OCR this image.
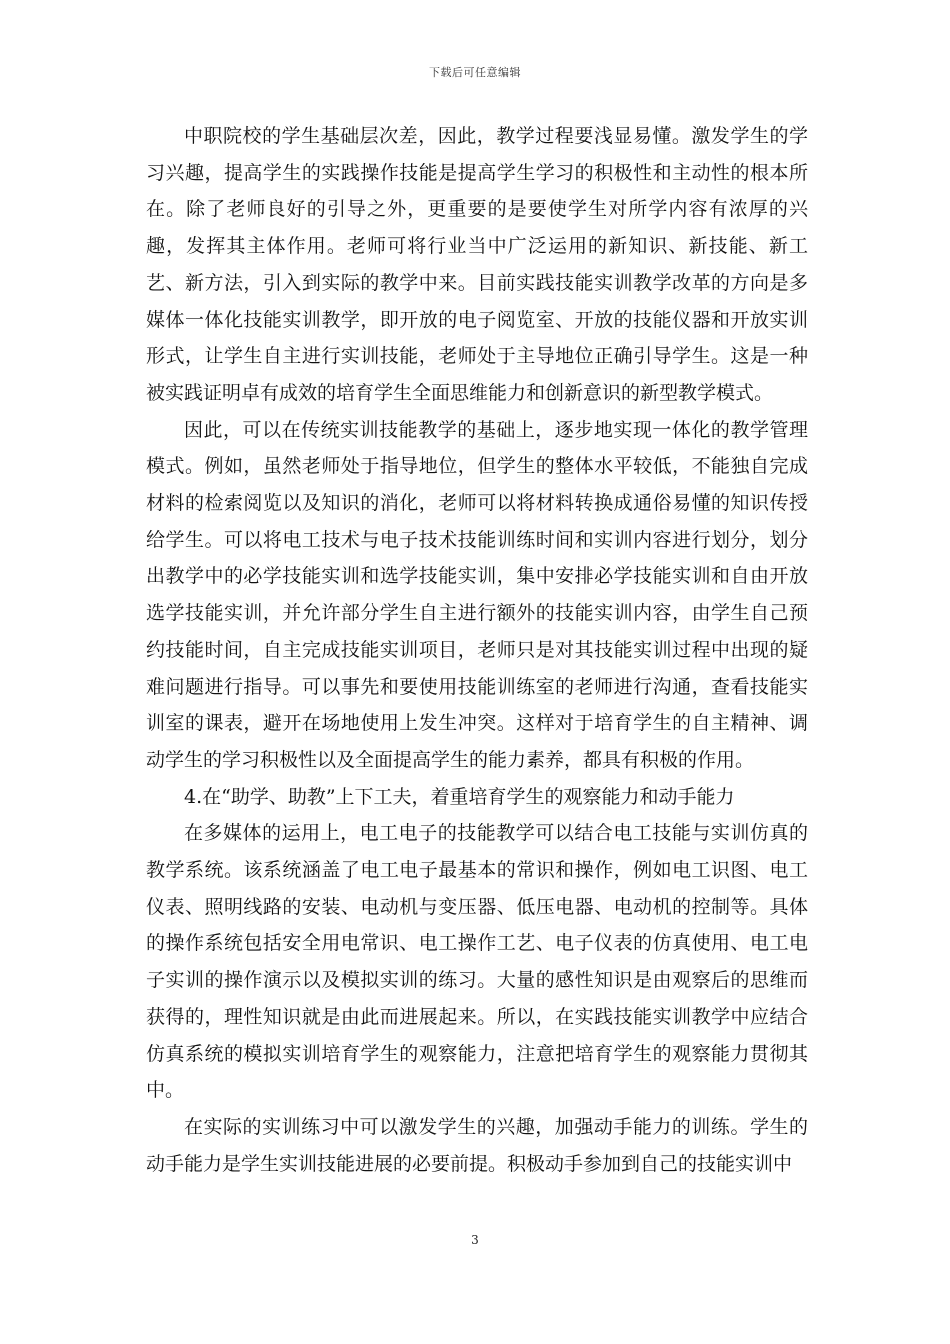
下载后可任意编辑

中职院校的学生基础层次差，因此，教学过程要浅显易懂。激发学生的学习兴趣，提高学生的实践操作技能是提高学生学习的积极性和主动性的根本所在。除了老师良好的引导之外，更重要的是要使学生对所学内容有浓厚的兴趣，发挥其主体作用。老师可将行业当中广泛运用的新知识、新技能、新工艺、新方法，引入到实际的教学中来。目前实践技能实训教学改革的方向是多媒体一体化技能实训教学，即开放的电子阅览室、开放的技能仪器和开放实训形式，让学生自主进行实训技能，老师处于主导地位正确引导学生。这是一种被实践证明卓有成效的培育学生全面思维能力和创新意识的新型教学模式。

因此，可以在传统实训技能教学的基础上，逐步地实现一体化的教学管理模式。例如，虽然老师处于指导地位，但学生的整体水平较低，不能独自完成材料的检索阅览以及知识的消化，老师可以将材料转换成通俗易懂的知识传授给学生。可以将电工技术与电子技术技能训练时间和实训内容进行划分，划分出教学中的必学技能实训和选学技能实训，集中安排必学技能实训和自由开放选学技能实训，并允许部分学生自主进行额外的技能实训内容，由学生自己预约技能时间，自主完成技能实训项目，老师只是对其技能实训过程中出现的疑难问题进行指导。可以事先和要使用技能训练室的老师进行沟通，查看技能实训室的课表，避开在场地使用上发生冲突。这样对于培育学生的自主精神、调动学生的学习积极性以及全面提高学生的能力素养，都具有积极的作用。

4.在“助学、助教”上下工夫，着重培育学生的观察能力和动手能力

在多媒体的运用上，电工电子的技能教学可以结合电工技能与实训仿真的教学系统。该系统涵盖了电工电子最基本的常识和操作，例如电工识图、电工仪表、照明线路的安装、电动机与变压器、低压电器、电动机的控制等。具体的操作系统包括安全用电常识、电工操作工艺、电子仪表的仿真使用、电工电子实训的操作演示以及模拟实训的练习。大量的感性知识是由观察后的思维而获得的，理性知识就是由此而进展起来。所以，在实践技能实训教学中应结合仿真系统的模拟实训培育学生的观察能力，注意把培育学生的观察能力贯彻其中。

在实际的实训练习中可以激发学生的兴趣，加强动手能力的训练。学生的动手能力是学生实训技能进展的必要前提。积极动手参加到自己的技能实训中

3
